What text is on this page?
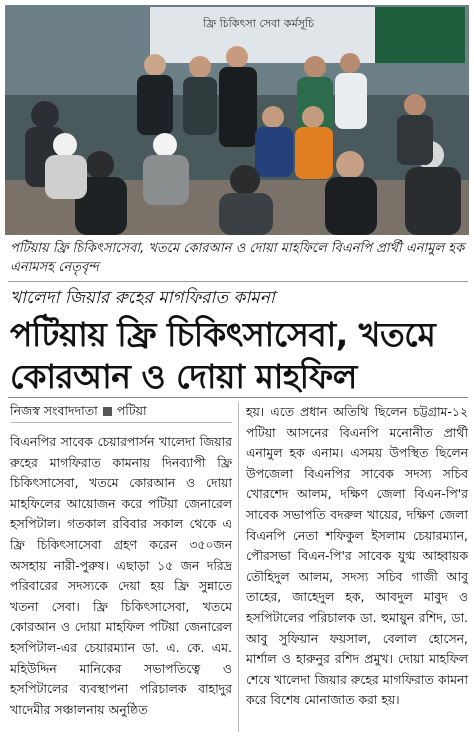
ফ্রি চিকিৎসা সেবা কর্মসূচি
পটিয়ায় ফ্রি চিকিৎসাসেবা, খতমে কোরআন ও দোয়া মাহফিলে বিএনপি প্রার্থী এনামুল হক এনামসহ নেতৃবৃন্দ
খালেদা জিয়ার রুহের মাগফিরাত কামনা
পটিয়ায় ফ্রি চিকিৎসাসেবা, খতমে কোরআন ও দোয়া মাহফিল
নিজস্ব সংবাদদাতা পটিয়া

বিএনপির সাবেক চেয়ারপার্সন খালেদা জিয়ার রুহের মাগফিরাত কামনায় দিনব্যাপী ফ্রি চিকিৎসাসেবা, খতমে কোরআন ও দোয়া মাহফিলের আয়োজন করে পটিয়া জেনারেল হসপিটাল। গতকাল রবিবার সকাল থেকে এ ফ্রি চিকিৎসাসেবা গ্রহণ করেন ৩৫০জন অসহায় নারী-পুরুষ। এছাড়া ১৫ জন দরিদ্র পরিবারের সদস্যকে দেয়া হয় ফ্রি সুন্নাতে খতনা সেবা। ফ্রি চিকিৎসাসেবা, খতমে কোরআন ও দোয়া মাহফিল পটিয়া জেনারেল হসপিটাল-এর চেয়ারম্যান ডা. এ. কে. এম. মহিউদ্দিন মানিকের সভাপতিত্বে ও হসপিটালের ব্যবস্থাপনা পরিচালক বাহাদুর খাদেমীর সঞ্চালনায় অনুষ্ঠিত

হয়। এতে প্রধান অতিথি ছিলেন চট্টগ্রাম-১২ পটিয়া আসনের বিএনপি মনোনীত প্রার্থী এনামুল হক এনাম। এসময় উপস্থিত ছিলেন উপজেলা বিএনপির সাবেক সদস্য সচিব খোরশেদ আলম, দক্ষিণ জেলা বিএন-পি'র সাবেক সভাপতি বদরুল খায়ের, দক্ষিণ জেলা বিএনপি নেতা শফিকুল ইসলাম চেয়ারম্যান, পৌরসভা বিএন-পি'র সাবেক যুগ্ম আহ্বায়ক তৌহিদুল আলম, সদস্য সচিব গাজী আবু তাহের, জাহেদুল হক, আবদুল মাবুদ ও হসপিটালের পরিচালক ডা. হুমায়ুন রশিদ, ডা. আবু সুফিয়ান ফয়সাল, বেলাল হোসেন, মার্শাল ও হারুনুর রশিদ প্রমুখ। দোয়া মাহফিল শেষে খালেদা জিয়ার রুহের মাগফিরাত কামনা করে বিশেষ মোনাজাত করা হয়।
